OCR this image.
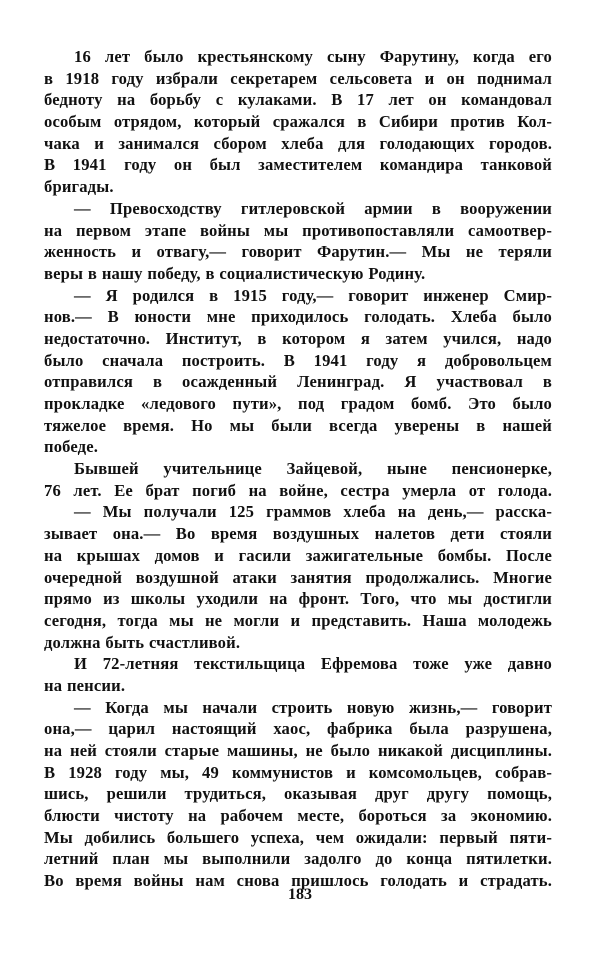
16 лет было крестьянскому сыну Фарутину, когда его
в 1918 году избрали секретарем сельсовета и он поднимал
бедноту на борьбу с кулаками. В 17 лет он командовал
особым отрядом, который сражался в Сибири против Кол-
чака и занимался сбором хлеба для голодающих городов.
В 1941 году он был заместителем командира танковой
бригады.

— Превосходству гитлеровской армии в вооружении
на первом этапе войны мы противопоставляли самоотвер-
женность и отвагу,— говорит Фарутин.— Мы не теряли
веры в нашу победу, в социалистическую Родину.

— Я родился в 1915 году,— говорит инженер Смир-
нов.— В юности мне приходилось голодать. Хлеба было
недостаточно. Институт, в котором я затем учился, надо
было сначала построить. В 1941 году я добровольцем
отправился в осажденный Ленинград. Я участвовал в
прокладке «ледового пути», под градом бомб. Это было
тяжелое время. Но мы были всегда уверены в нашей
победе.

Бывшей учительнице Зайцевой, ныне пенсионерке,
76 лет. Ее брат погиб на войне, сестра умерла от голода.

— Мы получали 125 граммов хлеба на день,— расска-
зывает она.— Во время воздушных налетов дети стояли
на крышах домов и гасили зажигательные бомбы. После
очередной воздушной атаки занятия продолжались. Многие
прямо из школы уходили на фронт. Того, что мы достигли
сегодня, тогда мы не могли и представить. Наша молодежь
должна быть счастливой.

И 72-летняя текстильщица Ефремова тоже уже давно
на пенсии.

— Когда мы начали строить новую жизнь,— говорит
она,— царил настоящий хаос, фабрика была разрушена,
на ней стояли старые машины, не было никакой дисциплины.
В 1928 году мы, 49 коммунистов и комсомольцев, собрав-
шись, решили трудиться, оказывая друг другу помощь,
блюсти чистоту на рабочем месте, бороться за экономию.
Мы добились большего успеха, чем ожидали: первый пяти-
летний план мы выполнили задолго до конца пятилетки.
Во время войны нам снова пришлось голодать и страдать.

183
